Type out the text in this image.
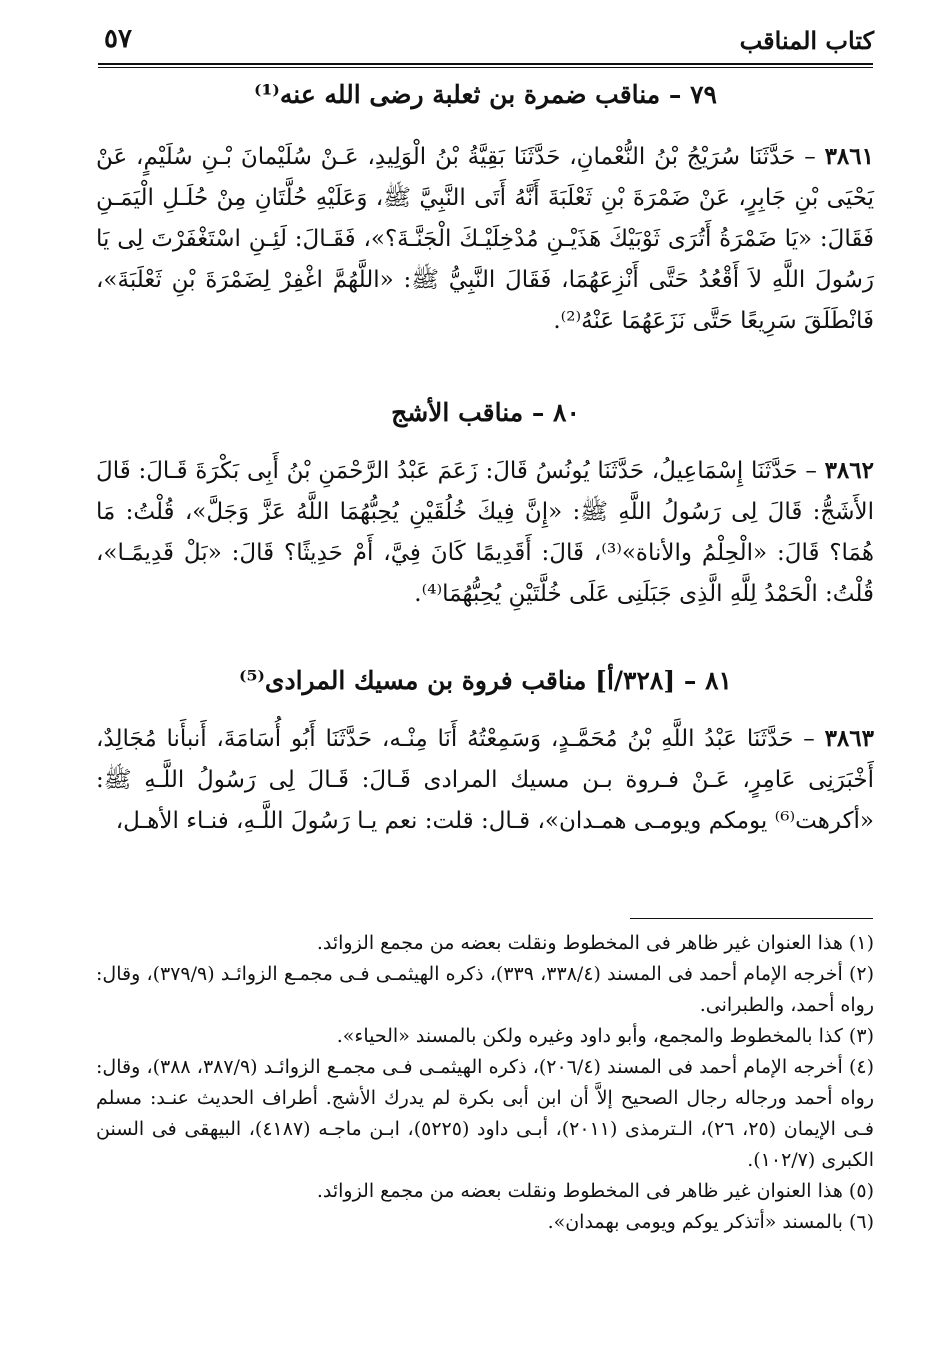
كتاب المناقب
٥٧
٧٩ – مناقب ضمرة بن ثعلبة رضى الله عنه⁽¹⁾

٣٨٦١ – حَدَّثَنَا سُرَيْجُ بْنُ النُّعْمانِ، حَدَّثَنَا بَقِيَّةُ بْنُ الْوَلِيدِ، عَـنْ سُلَيْمانَ بْـنِ سُلَيْمٍ، عَنْ يَحْيَى بْنِ جَابِرٍ، عَنْ ضَمْرَةَ بْنِ ثَعْلَبَةَ أَنَّهُ أَتَى النَّبِيَّ ﷺ، وَعَلَيْهِ حُلَّتَانِ مِنْ حُلَـلِ الْيَمَـنِ فَقَالَ: «يَا ضَمْرَةُ أَتُرَى ثَوْبَيْكَ هَذَيْـنِ مُدْخِلَيْـكَ الْجَنَّـةَ؟»، فَقَـالَ: لَئِـنِ اسْتَغْفَرْتَ لِى يَا رَسُولَ اللَّهِ لاَ أَقْعُدُ حَتَّى أَنْزِعَهُمَا، فَقَالَ النَّبِيُّ ﷺ: «اللَّهُمَّ اغْفِرْ لِضَمْرَةَ بْنِ ثَعْلَبَةَ»، فَانْطَلَقَ سَرِيعًا حَتَّى نَزَعَهُمَا عَنْهُ⁽²⁾.

٨٠ – مناقب الأشج

٣٨٦٢ – حَدَّثَنَا إِسْمَاعِيلُ، حَدَّثَنَا يُونُسُ قَالَ: زَعَمَ عَبْدُ الرَّحْمَنِ بْنُ أَبِى بَكْرَةَ قَـالَ: قَالَ الأَشَجُّ: قَالَ لِى رَسُولُ اللَّهِ ﷺ: «إِنَّ فِيكَ خُلُقَيْنِ يُحِبُّهُمَا اللَّهُ عَزَّ وَجَلَّ»، قُلْتُ: مَا هُمَا؟ قَالَ: «الْحِلْمُ والأناة»⁽³⁾، قَالَ: أَقَدِيمًا كَانَ فِيَّ، أَمْ حَدِيثًا؟ قَالَ: «بَلْ قَدِيمًـا»، قُلْتُ: الْحَمْدُ لِلَّهِ الَّذِى جَبَلَنِى عَلَى خُلَّتَيْنِ يُحِبُّهُمَا⁽⁴⁾.

٨١ – [٣٢٨/أ] مناقب فروة بن مسيك المرادى⁽⁵⁾

٣٨٦٣ – حَدَّثَنَا عَبْدُ اللَّهِ بْنُ مُحَمَّـدٍ، وَسَمِعْتُهُ أَنَا مِنْـه، حَدَّثَنَا أَبُو أُسَامَةَ، أَنبأَنا مُجَالِدٌ، أَخْبَرَنِى عَامِرٍ، عَـنْ فـروة بـن مسيك المرادى قَـالَ: قَـالَ لِى رَسُولُ اللَّـهِ ﷺ: «أكرهت⁽⁶⁾ يومكم ويومـى همـدان»، قـال: قلت: نعم يـا رَسُولَ اللَّـهِ، فنـاء الأهـل،

(١) هذا العنوان غير ظاهر فى المخطوط ونقلت بعضه من مجمع الزوائد.

(٢) أخرجه الإمام أحمد فى المسند (٣٣٨/٤، ٣٣٩)، ذكره الهيثمـى فـى مجمـع الزوائـد (٣٧٩/٩)، وقال: رواه أحمد، والطبرانى.

(٣) كذا بالمخطوط والمجمع، وأبو داود وغيره ولكن بالمسند «الحياء».

(٤) أخرجه الإمام أحمد فى المسند (٢٠٦/٤)، ذكره الهيثمـى فـى مجمـع الزوائـد (٣٨٧/٩، ٣٨٨)، وقال: رواه أحمد ورجاله رجال الصحيح إلاَّ أن ابن أبى بكرة لم يدرك الأشج. أطراف الحديث عنـد: مسلم فـى الإيمان (٢٥، ٢٦)، الـترمذى (٢٠١١)، أبـى داود (٥٢٢٥)، ابـن ماجـه (٤١٨٧)، البيهقى فى السنن الكبرى (١٠٢/٧).

(٥) هذا العنوان غير ظاهر فى المخطوط ونقلت بعضه من مجمع الزوائد.

(٦) بالمسند «أتذكر يوكم ويومى بهمدان».
